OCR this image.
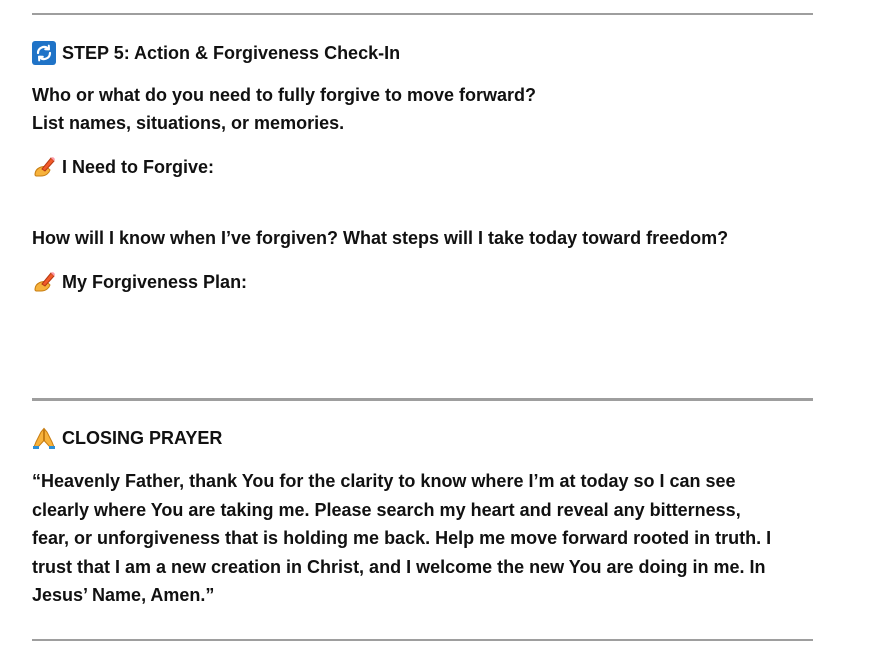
STEP 5: Action & Forgiveness Check-In
Who or what do you need to fully forgive to move forward?
List names, situations, or memories.
I Need to Forgive:
How will I know when I’ve forgiven? What steps will I take today toward freedom?
My Forgiveness Plan:
CLOSING PRAYER
“Heavenly Father, thank You for the clarity to know where I’m at today so I can see
clearly where You are taking me. Please search my heart and reveal any bitterness,
fear, or unforgiveness that is holding me back. Help me move forward rooted in truth. I
trust that I am a new creation in Christ, and I welcome the new You are doing in me. In
Jesus’ Name, Amen.”
